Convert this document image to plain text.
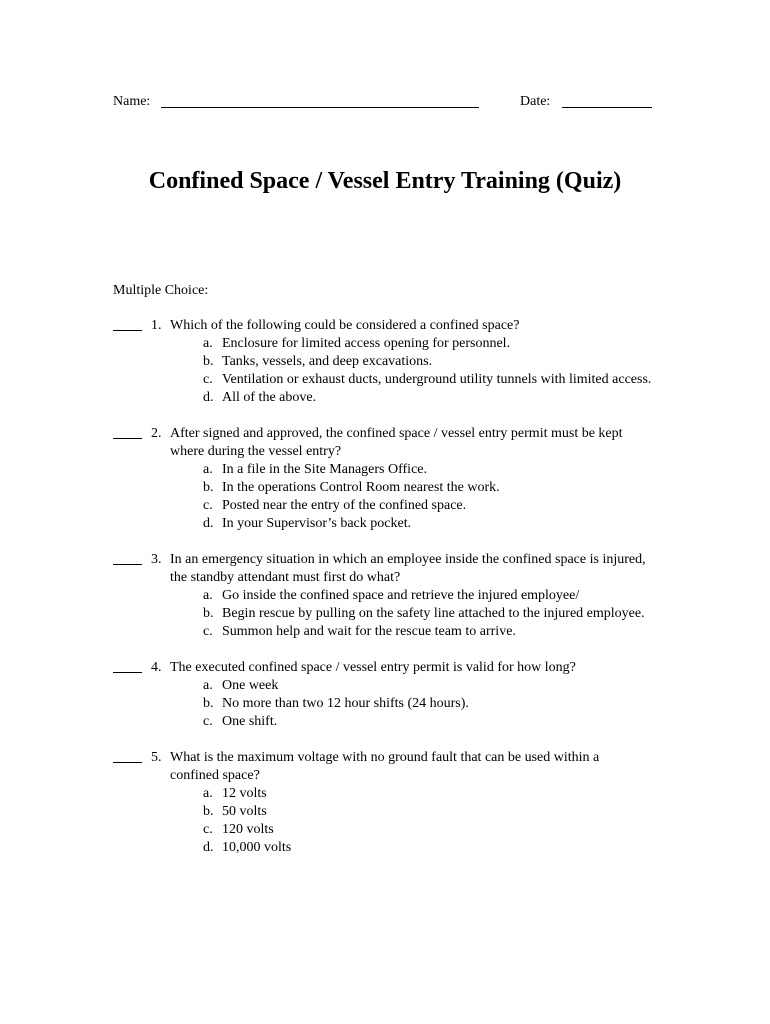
Name:	Date:
Confined Space / Vessel Entry Training (Quiz)
Multiple Choice:
1. Which of the following could be considered a confined space?
a. Enclosure for limited access opening for personnel.
b. Tanks, vessels, and deep excavations.
c. Ventilation or exhaust ducts, underground utility tunnels with limited access.
d. All of the above.
2. After signed and approved, the confined space / vessel entry permit must be kept where during the vessel entry?
a. In a file in the Site Managers Office.
b. In the operations Control Room nearest the work.
c. Posted near the entry of the confined space.
d. In your Supervisor’s back pocket.
3. In an emergency situation in which an employee inside the confined space is injured, the standby attendant must first do what?
a. Go inside the confined space and retrieve the injured employee/
b. Begin rescue by pulling on the safety line attached to the injured employee.
c. Summon help and wait for the rescue team to arrive.
4. The executed confined space / vessel entry permit is valid for how long?
a. One week
b. No more than two 12 hour shifts (24 hours).
c. One shift.
5. What is the maximum voltage with no ground fault that can be used within a confined space?
a. 12 volts
b. 50 volts
c. 120 volts
d. 10,000 volts
